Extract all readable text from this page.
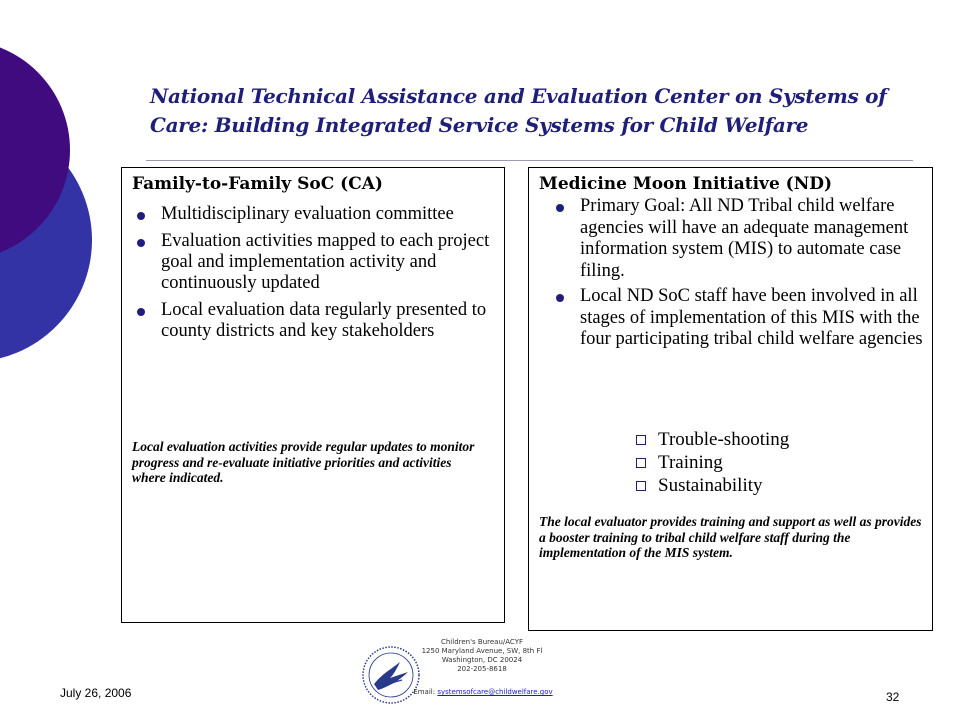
National Technical Assistance and Evaluation Center on Systems of Care: Building Integrated Service Systems for Child Welfare
Family-to-Family SoC (CA)
Multidisciplinary evaluation committee
Evaluation activities mapped to each project goal and implementation activity and continuously updated
Local evaluation data regularly presented to county districts and key stakeholders
Local evaluation activities provide regular updates to monitor progress and re-evaluate initiative priorities and activities where indicated.
Medicine Moon Initiative (ND)
Primary Goal: All ND Tribal child welfare agencies will have an adequate management information system (MIS) to automate case filing.
Local ND SoC staff have been involved in all stages of implementation of this MIS with the four participating tribal child welfare agencies
Trouble-shooting
Training
Sustainability
The local evaluator provides training and support as well as provides a booster training to tribal child welfare staff during the implementation of the MIS system.
July 26, 2006	32
Children's Bureau/ACYF
1250 Maryland Avenue, SW, 8th Fl
Washington, DC 20024
202-205-8618
Email: systemsofcare@childwelfare.gov
